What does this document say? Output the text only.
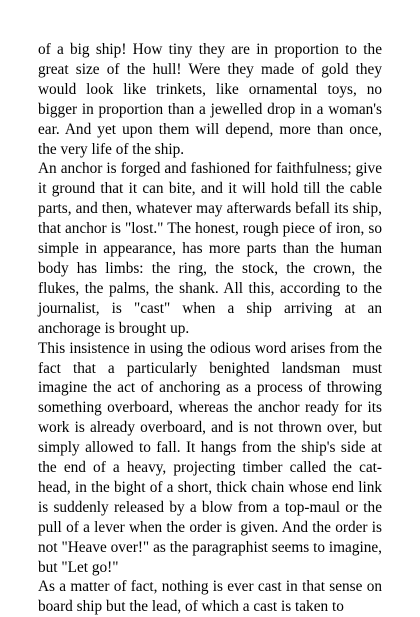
of a big ship! How tiny they are in proportion to the great size of the hull! Were they made of gold they would look like trinkets, like ornamental toys, no bigger in proportion than a jewelled drop in a woman's ear. And yet upon them will depend, more than once, the very life of the ship.

An anchor is forged and fashioned for faithfulness; give it ground that it can bite, and it will hold till the cable parts, and then, whatever may afterwards befall its ship, that anchor is "lost." The honest, rough piece of iron, so simple in appearance, has more parts than the human body has limbs: the ring, the stock, the crown, the flukes, the palms, the shank. All this, according to the journalist, is "cast" when a ship arriving at an anchorage is brought up.

This insistence in using the odious word arises from the fact that a particularly benighted landsman must imagine the act of anchoring as a process of throwing something overboard, whereas the anchor ready for its work is already overboard, and is not thrown over, but simply allowed to fall. It hangs from the ship's side at the end of a heavy, projecting timber called the cat-head, in the bight of a short, thick chain whose end link is suddenly released by a blow from a top-maul or the pull of a lever when the order is given. And the order is not "Heave over!" as the paragraphist seems to imagine, but "Let go!"

As a matter of fact, nothing is ever cast in that sense on board ship but the lead, of which a cast is taken to
